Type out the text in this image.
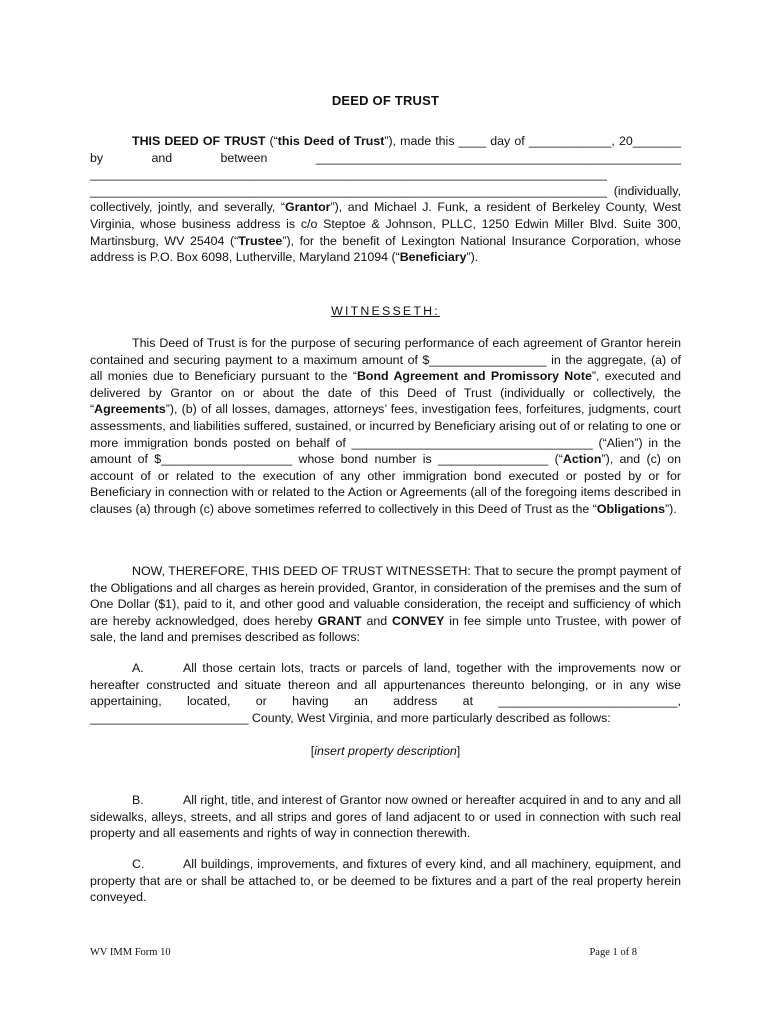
DEED OF TRUST

THIS DEED OF TRUST (“this Deed of Trust”), made this ____ day of ____________, 20_______ by and between _____________________________________________________ ___________________________________________________________________________ ___________________________________________________________________________ (individually, collectively, jointly, and severally, “Grantor”), and Michael J. Funk, a resident of Berkeley County, West Virginia, whose business address is c/o Steptoe & Johnson, PLLC, 1250 Edwin Miller Blvd. Suite 300, Martinsburg, WV 25404 (“Trustee”), for the benefit of Lexington National Insurance Corporation, whose address is P.O. Box 6098, Lutherville, Maryland 21094 (“Beneficiary”).

WITNESSETH:

This Deed of Trust is for the purpose of securing performance of each agreement of Grantor herein contained and securing payment to a maximum amount of $_________________ in the aggregate, (a) of all monies due to Beneficiary pursuant to the “Bond Agreement and Promissory Note”, executed and delivered by Grantor on or about the date of this Deed of Trust (individually or collectively, the “Agreements”), (b) of all losses, damages, attorneys’ fees, investigation fees, forfeitures, judgments, court assessments, and liabilities suffered, sustained, or incurred by Beneficiary arising out of or relating to one or more immigration bonds posted on behalf of ___________________________________ (“Alien”) in the amount of $___________________ whose bond number is ________________ (“Action”), and (c) on account of or related to the execution of any other immigration bond executed or posted by or for Beneficiary in connection with or related to the Action or Agreements (all of the foregoing items described in clauses (a) through (c) above sometimes referred to collectively in this Deed of Trust as the “Obligations”).

NOW, THEREFORE, THIS DEED OF TRUST WITNESSETH: That to secure the prompt payment of the Obligations and all charges as herein provided, Grantor, in consideration of the premises and the sum of One Dollar ($1), paid to it, and other good and valuable consideration, the receipt and sufficiency of which are hereby acknowledged, does hereby GRANT and CONVEY in fee simple unto Trustee, with power of sale, the land and premises described as follows:

A.	All those certain lots, tracts or parcels of land, together with the improvements now or hereafter constructed and situate thereon and all appurtenances thereunto belonging, or in any wise appertaining, located, or having an address at __________________________, _______________________ County, West Virginia, and more particularly described as follows:

[insert property description]

B.	All right, title, and interest of Grantor now owned or hereafter acquired in and to any and all sidewalks, alleys, streets, and all strips and gores of land adjacent to or used in connection with such real property and all easements and rights of way in connection therewith.

C.	All buildings, improvements, and fixtures of every kind, and all machinery, equipment, and property that are or shall be attached to, or be deemed to be fixtures and a part of the real property herein conveyed.

WV IMM Form 10	Page 1 of 8
